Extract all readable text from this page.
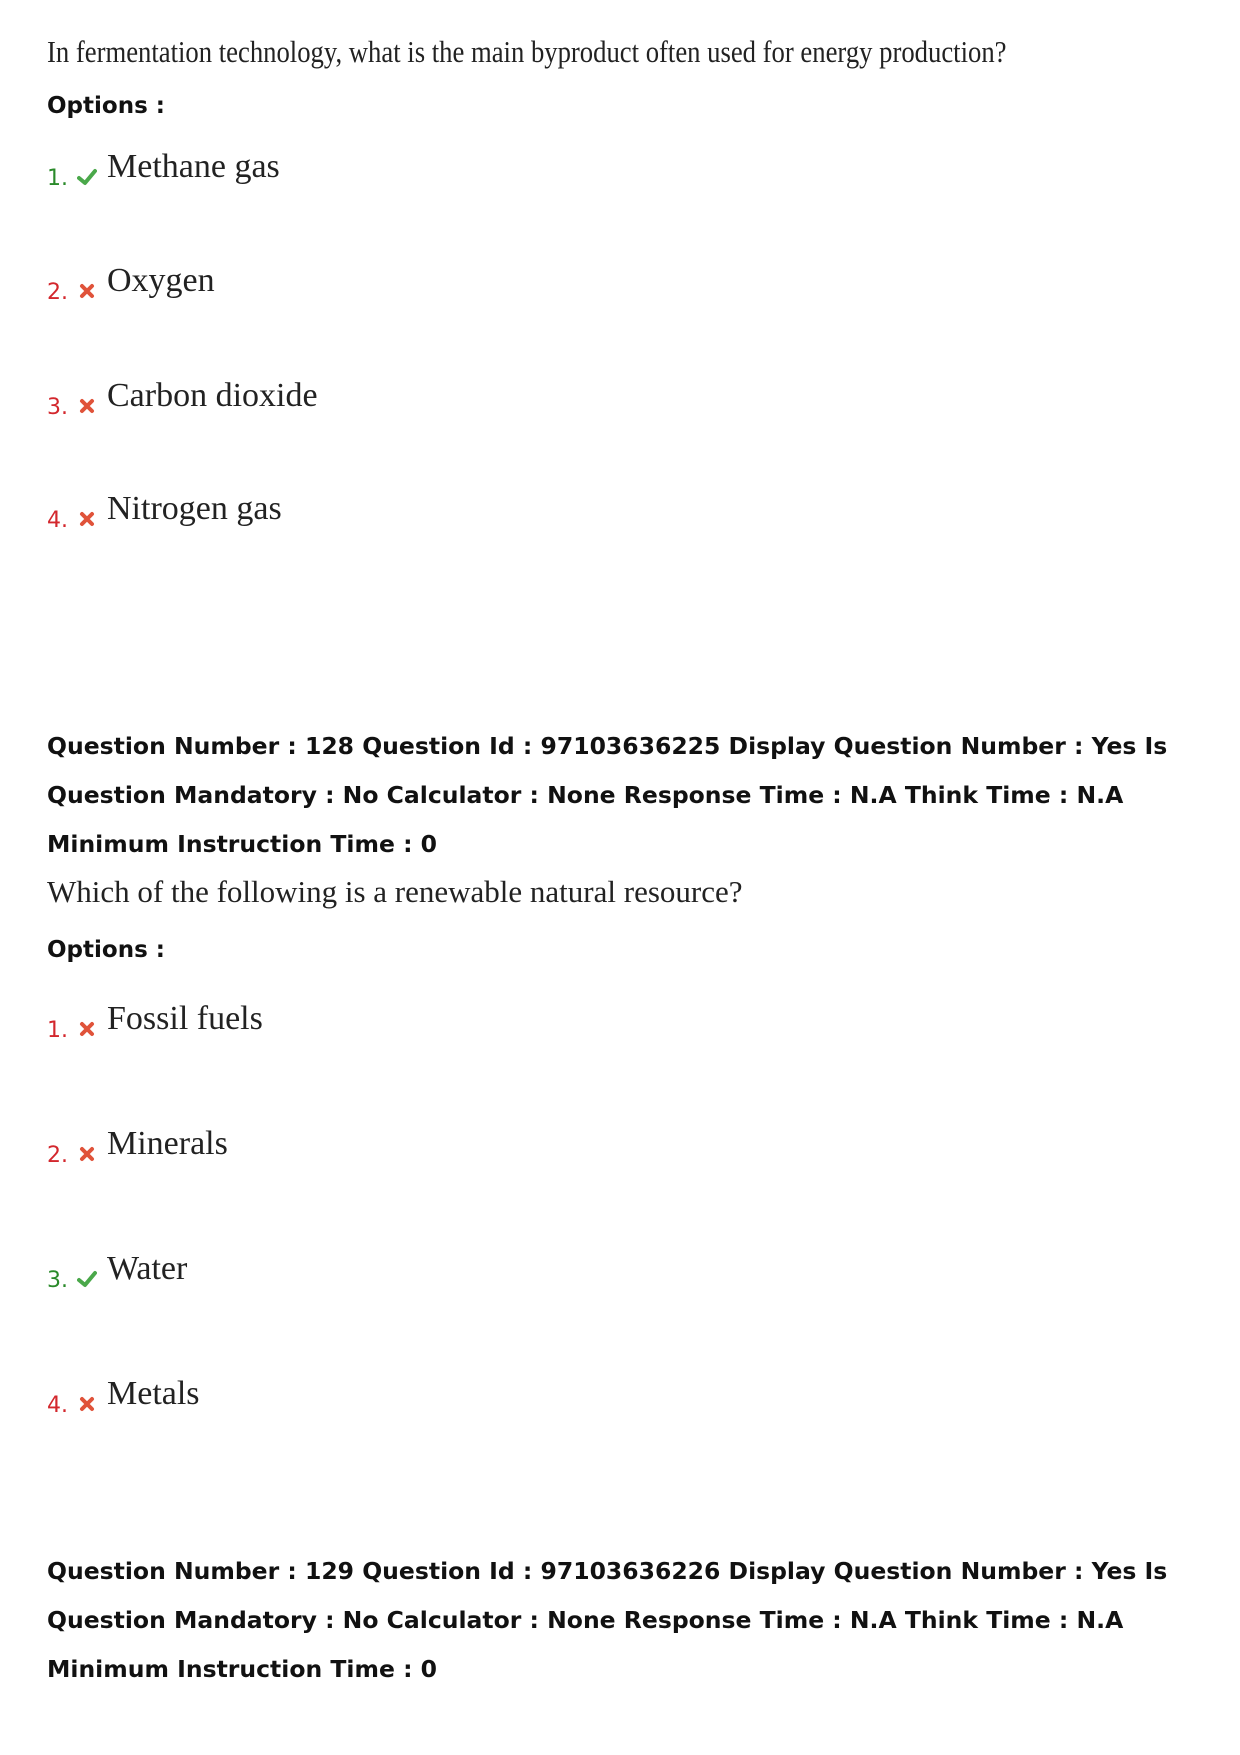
In fermentation technology, what is the main byproduct often used for energy production?
Options :
1. Methane gas
2. Oxygen
3. Carbon dioxide
4. Nitrogen gas
Question Number : 128 Question Id : 97103636225 Display Question Number : Yes Is Question Mandatory : No Calculator : None Response Time : N.A Think Time : N.A Minimum Instruction Time : 0
Which of the following is a renewable natural resource?
Options :
1. Fossil fuels
2. Minerals
3. Water
4. Metals
Question Number : 129 Question Id : 97103636226 Display Question Number : Yes Is Question Mandatory : No Calculator : None Response Time : N.A Think Time : N.A Minimum Instruction Time : 0
